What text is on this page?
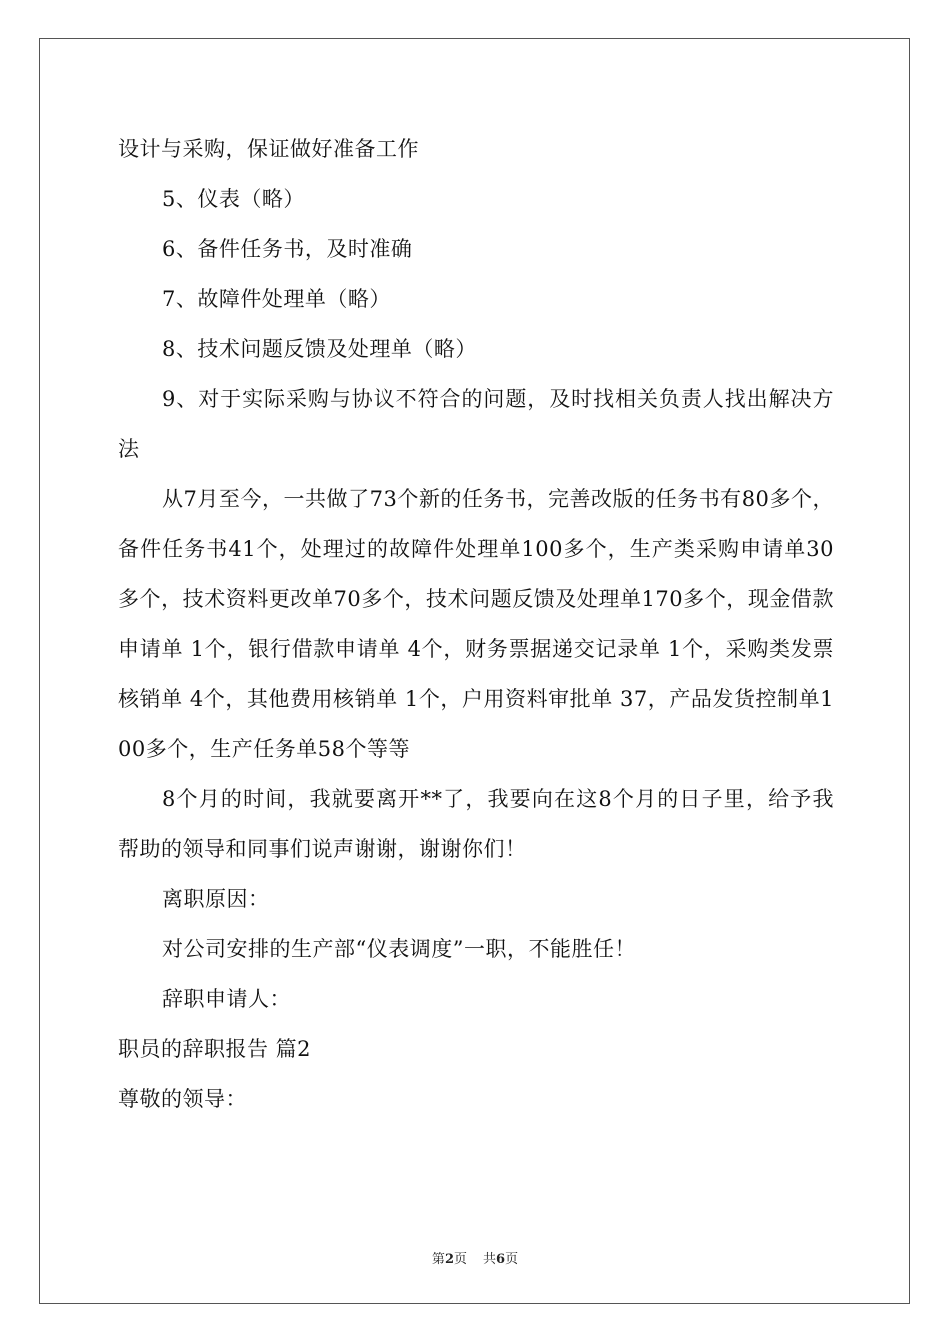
设计与采购，保证做好准备工作

5、仪表（略）

6、备件任务书，及时准确

7、故障件处理单（略）

8、技术问题反馈及处理单（略）

9、对于实际采购与协议不符合的问题，及时找相关负责人找出解决方法

从7月至今，一共做了73个新的任务书，完善改版的任务书有80多个，备件任务书41个，处理过的故障件处理单100多个，生产类采购申请单30多个，技术资料更改单70多个，技术问题反馈及处理单170多个，现金借款申请单 1个，银行借款申请单 4个，财务票据递交记录单 1个，采购类发票核销单 4个，其他费用核销单 1个，户用资料审批单 37，产品发货控制单100多个，生产任务单58个等等

8个月的时间，我就要离开**了，我要向在这8个月的日子里，给予我帮助的领导和同事们说声谢谢，谢谢你们！

离职原因：

对公司安排的生产部“仪表调度”一职，不能胜任！

辞职申请人：

职员的辞职报告 篇2

尊敬的领导：

第2页 共6页
